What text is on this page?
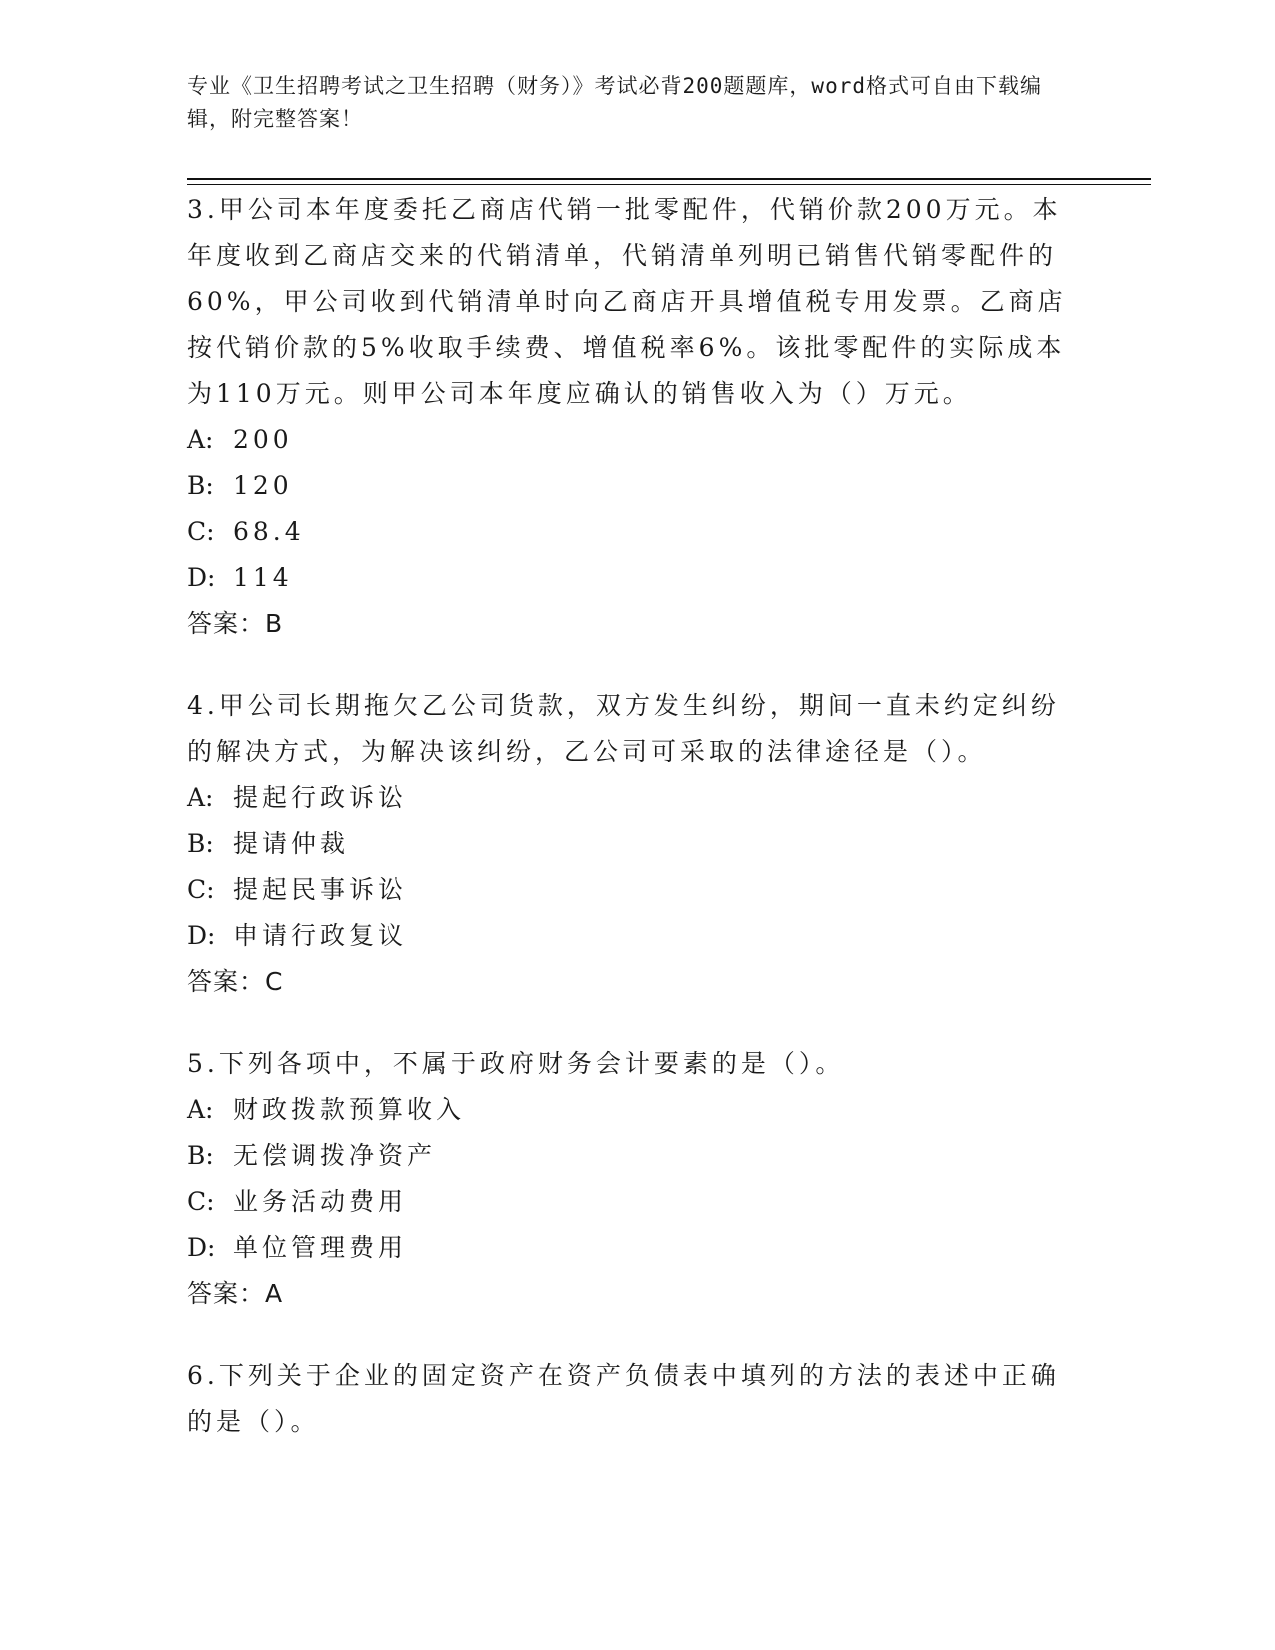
专业《卫生招聘考试之卫生招聘（财务）》考试必背200题题库，word格式可自由下载编辑，附完整答案！

3.甲公司本年度委托乙商店代销一批零配件，代销价款200万元。本年度收到乙商店交来的代销清单，代销清单列明已销售代销零配件的60%，甲公司收到代销清单时向乙商店开具增值税专用发票。乙商店按代销价款的5%收取手续费、增值税率6%。该批零配件的实际成本为110万元。则甲公司本年度应确认的销售收入为（）万元。

A: 200

B: 120

C: 68.4

D: 114

答案：B

4.甲公司长期拖欠乙公司货款，双方发生纠纷，期间一直未约定纠纷的解决方式，为解决该纠纷，乙公司可采取的法律途径是（）。

A: 提起行政诉讼

B: 提请仲裁

C: 提起民事诉讼

D: 申请行政复议

答案：C

5.下列各项中，不属于政府财务会计要素的是（）。

A: 财政拨款预算收入

B: 无偿调拨净资产

C: 业务活动费用

D: 单位管理费用

答案：A

6.下列关于企业的固定资产在资产负债表中填列的方法的表述中正确的是（）。
